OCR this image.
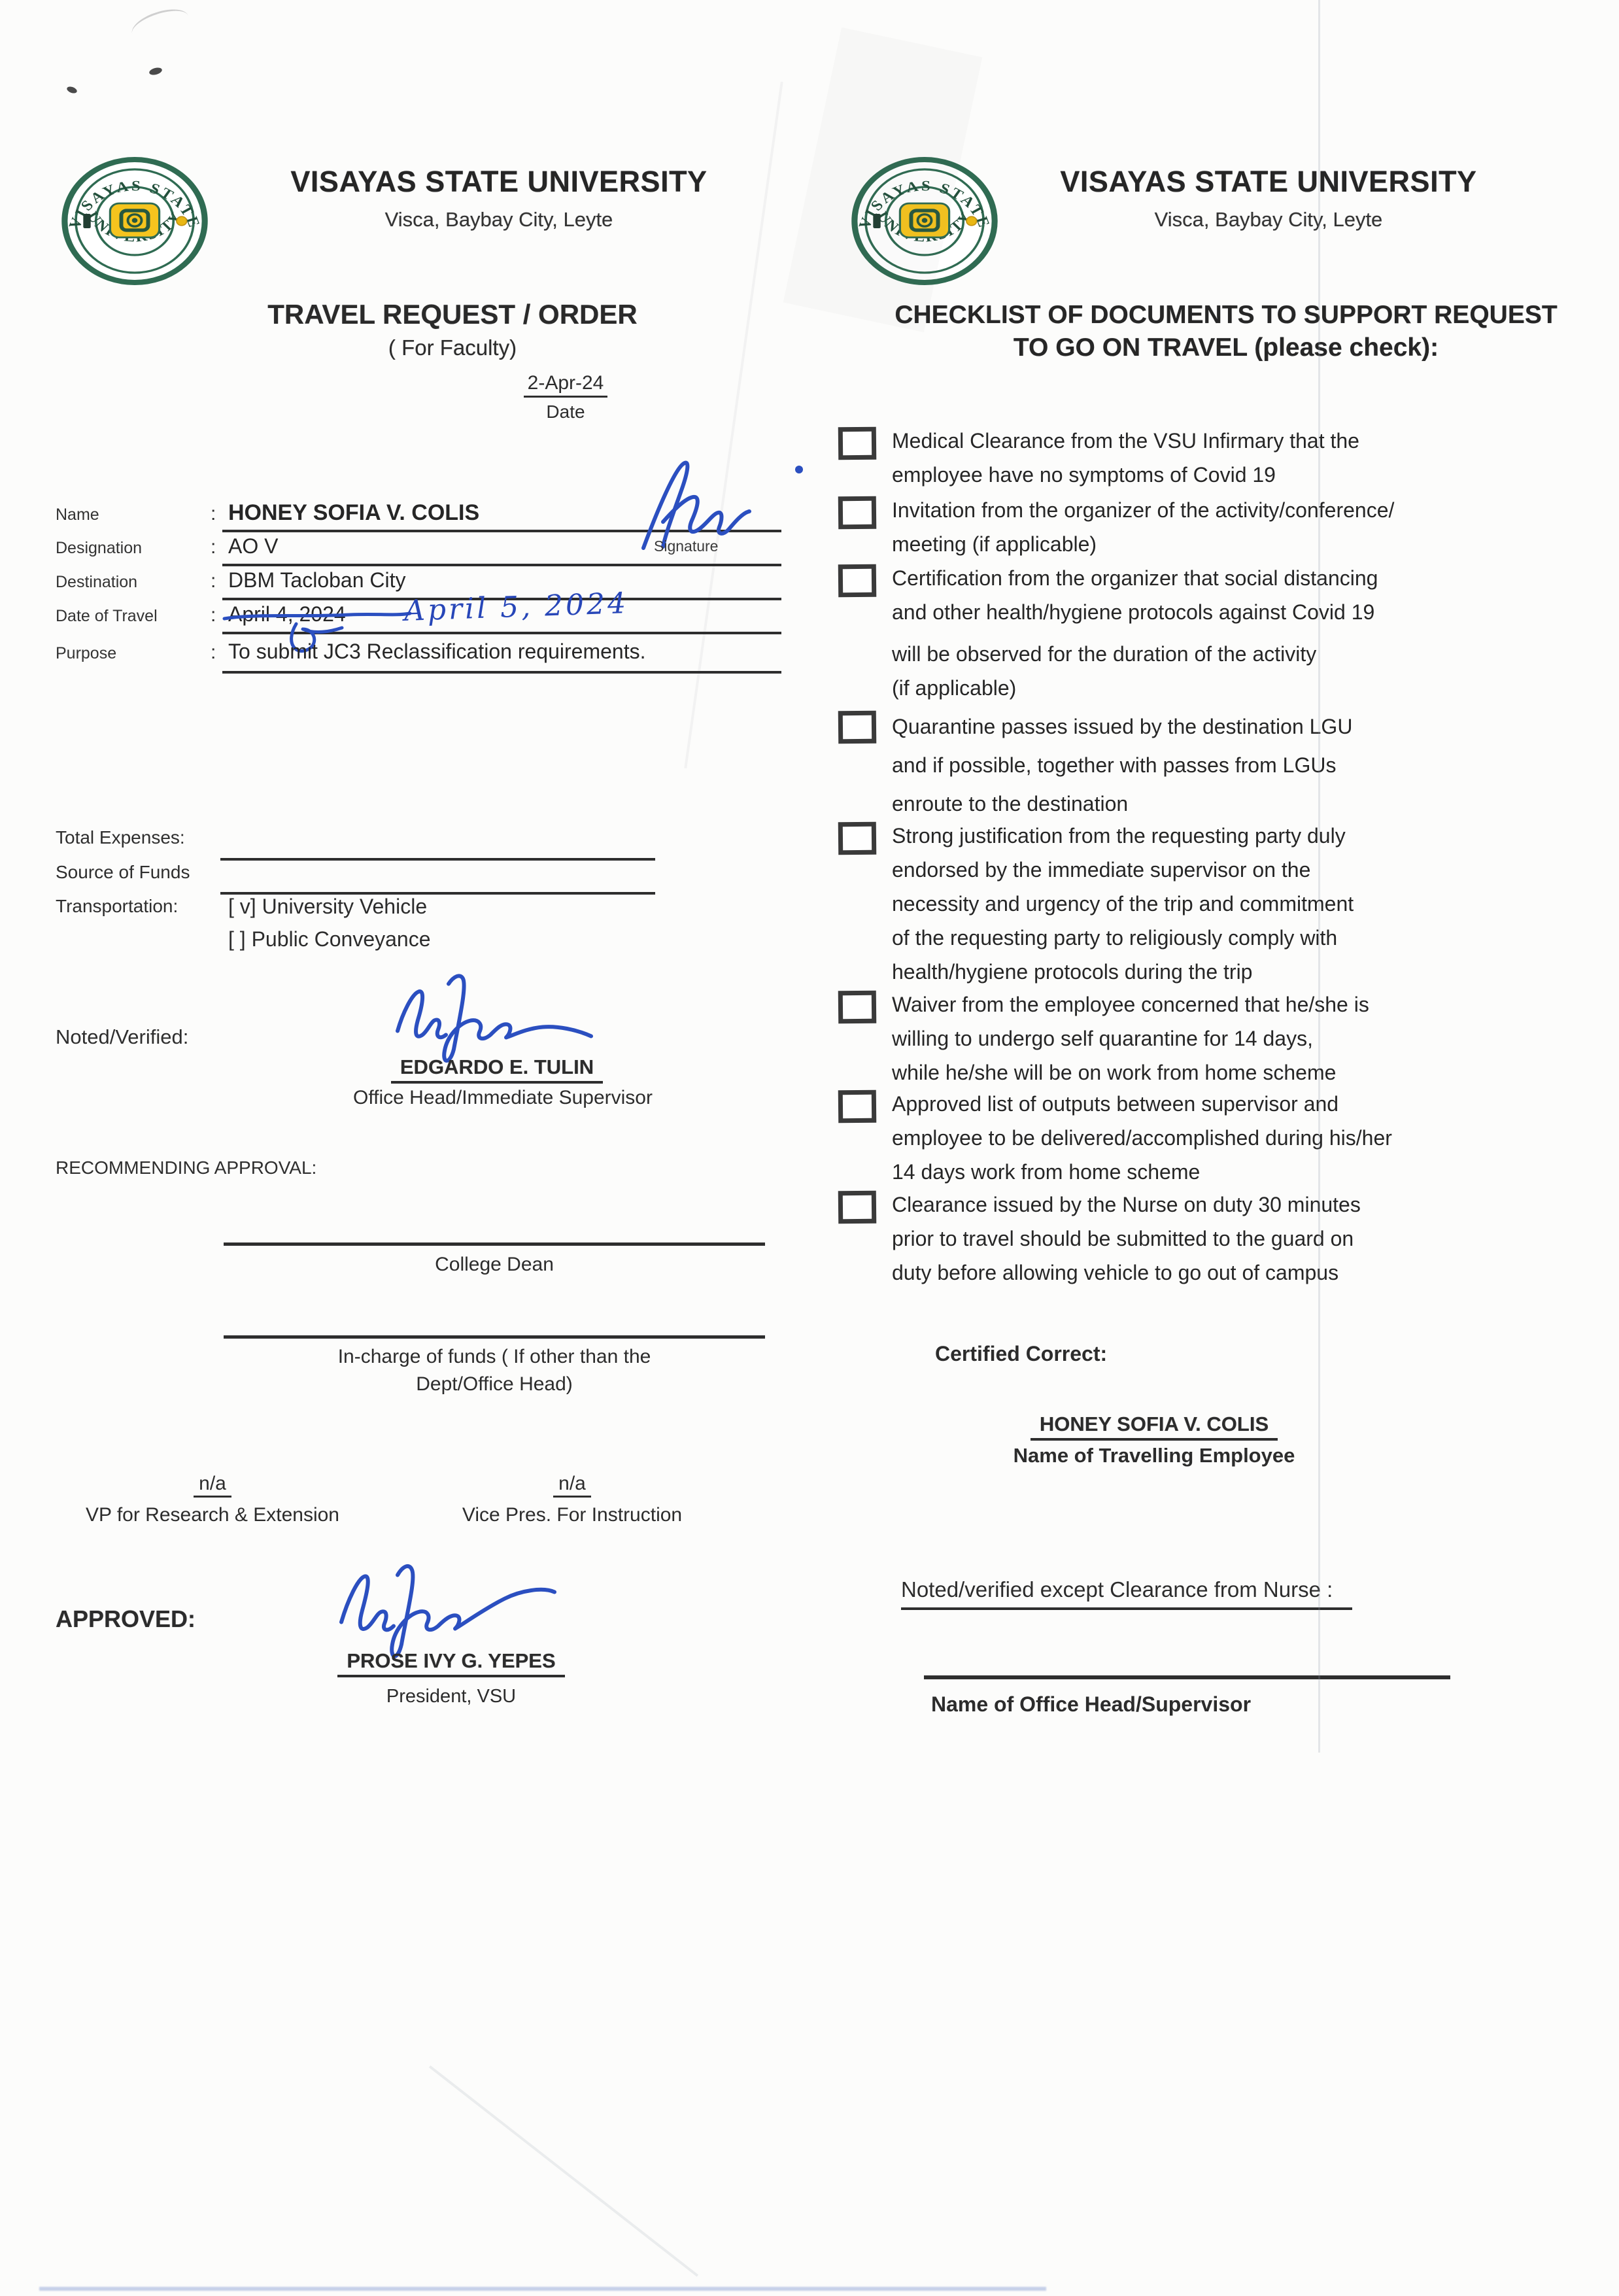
VISAYAS STATE UNIVERSITY
Visca, Baybay City, Leyte
TRAVEL REQUEST / ORDER
( For Faculty)
2-Apr-24
Date
Name	: HONEY SOFIA V. COLIS
Designation	: AO V
Destination	: DBM Tacloban City
Date of Travel	: April 4, 2024 April 5, 2024
Purpose	: To submit JC3 Reclassification requirements.
Signature
Total Expenses:
Source of Funds
Transportation: [ v] University Vehicle
[ ] Public Conveyance
Noted/Verified:
EDGARDO E. TULIN
Office Head/Immediate Supervisor
RECOMMENDING APPROVAL:
College Dean
In-charge of funds ( If other than the
Dept/Office Head)
n/a
VP for Research & Extension
n/a
Vice Pres. For Instruction
APPROVED:
PROSE IVY G. YEPES
President, VSU
VISAYAS STATE UNIVERSITY
Visca, Baybay City, Leyte
CHECKLIST OF DOCUMENTS TO SUPPORT REQUEST
TO GO ON TRAVEL (please check):
Medical Clearance from the VSU Infirmary that the
employee have no symptoms of Covid 19
Invitation from the organizer of the activity/conference/
meeting (if applicable)
Certification from the organizer that social distancing
and other health/hygiene protocols against Covid 19
will be observed for the duration of the activity
(if applicable)
Quarantine passes issued by the destination LGU
and if possible, together with passes from LGUs
enroute to the destination
Strong justification from the requesting party duly
endorsed by the immediate supervisor on the
necessity and urgency of the trip and commitment
of the requesting party to religiously comply with
health/hygiene protocols during the trip
Waiver from the employee concerned that he/she is
willing to undergo self quarantine for 14 days,
while he/she will be on work from home scheme
Approved list of outputs between supervisor and
employee to be delivered/accomplished during his/her
14 days work from home scheme
Clearance issued by the Nurse on duty 30 minutes
prior to travel should be submitted to the guard on
duty before allowing vehicle to go out of campus
Certified Correct:
HONEY SOFIA V. COLIS
Name of Travelling Employee
Noted/verified except Clearance from Nurse :
Name of Office Head/Supervisor
